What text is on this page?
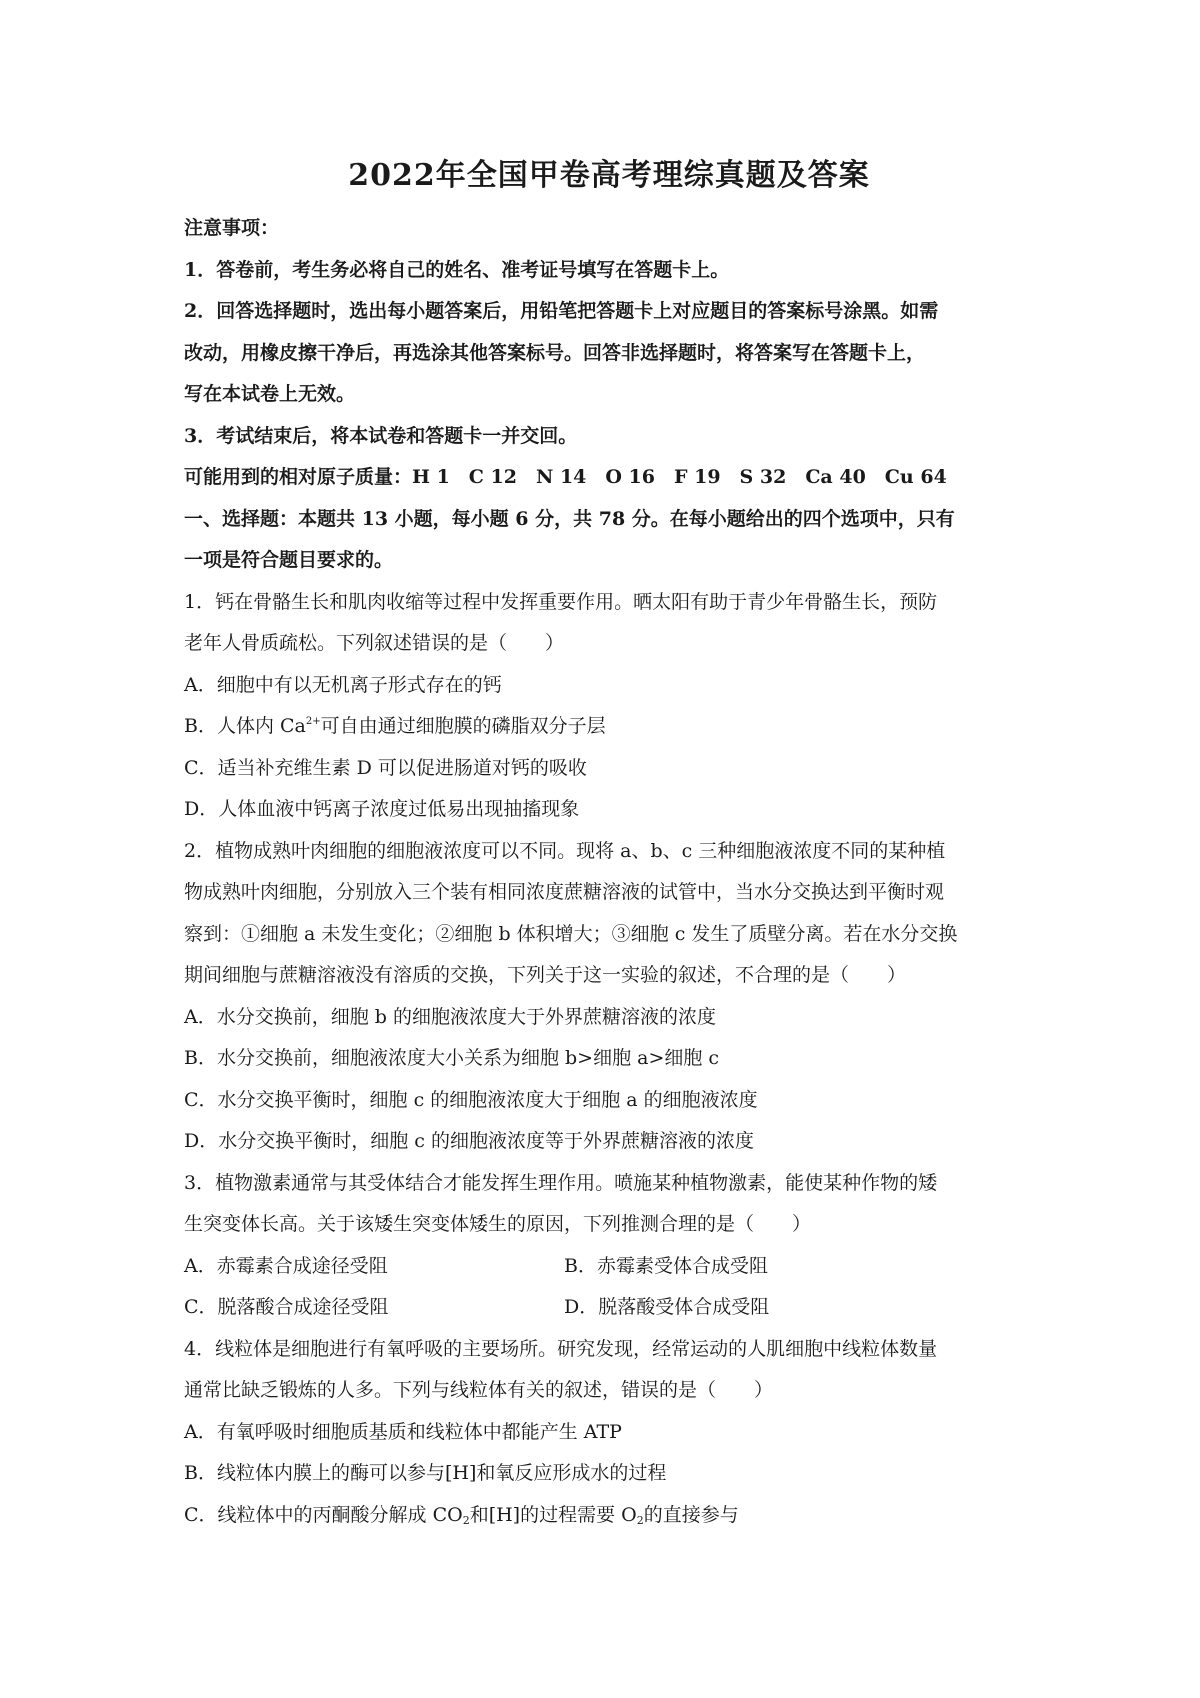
2022年全国甲卷高考理综真题及答案
注意事项：
1．答卷前，考生务必将自己的姓名、准考证号填写在答题卡上。
2．回答选择题时，选出每小题答案后，用铅笔把答题卡上对应题目的答案标号涂黑。如需
改动，用橡皮擦干净后，再选涂其他答案标号。回答非选择题时，将答案写在答题卡上，
写在本试卷上无效。
3．考试结束后，将本试卷和答题卡一并交回。
可能用到的相对原子质量：H 1　C 12　N 14　O 16　F 19　S 32　Ca 40　Cu 64
一、选择题：本题共 13 小题，每小题 6 分，共 78 分。在每小题给出的四个选项中，只有
一项是符合题目要求的。
1．钙在骨骼生长和肌肉收缩等过程中发挥重要作用。晒太阳有助于青少年骨骼生长，预防
老年人骨质疏松。下列叙述错误的是（　　）
A．细胞中有以无机离子形式存在的钙
B．人体内 $Ca^{2+}$可自由通过细胞膜的磷脂双分子层
C．适当补充维生素 D 可以促进肠道对钙的吸收
D．人体血液中钙离子浓度过低易出现抽搐现象
2．植物成熟叶肉细胞的细胞液浓度可以不同。现将 a、b、c 三种细胞液浓度不同的某种植
物成熟叶肉细胞，分别放入三个装有相同浓度蔗糖溶液的试管中，当水分交换达到平衡时观
察到：①细胞 a 未发生变化；②细胞 b 体积增大；③细胞 c 发生了质壁分离。若在水分交换
期间细胞与蔗糖溶液没有溶质的交换，下列关于这一实验的叙述，不合理的是（　　）
A．水分交换前，细胞 b 的细胞液浓度大于外界蔗糖溶液的浓度
B．水分交换前，细胞液浓度大小关系为细胞 b>细胞 a>细胞 c
C．水分交换平衡时，细胞 c 的细胞液浓度大于细胞 a 的细胞液浓度
D．水分交换平衡时，细胞 c 的细胞液浓度等于外界蔗糖溶液的浓度
3．植物激素通常与其受体结合才能发挥生理作用。喷施某种植物激素，能使某种作物的矮
生突变体长高。关于该矮生突变体矮生的原因，下列推测合理的是（　　）
A．赤霉素合成途径受阻	B．赤霉素受体合成受阻
C．脱落酸合成途径受阻	D．脱落酸受体合成受阻
4．线粒体是细胞进行有氧呼吸的主要场所。研究发现，经常运动的人肌细胞中线粒体数量
通常比缺乏锻炼的人多。下列与线粒体有关的叙述，错误的是（　　）
A．有氧呼吸时细胞质基质和线粒体中都能产生 ATP
B．线粒体内膜上的酶可以参与[H]和氧反应形成水的过程
C．线粒体中的丙酮酸分解成 $CO_2$和[H]的过程需要 $O_2$的直接参与
